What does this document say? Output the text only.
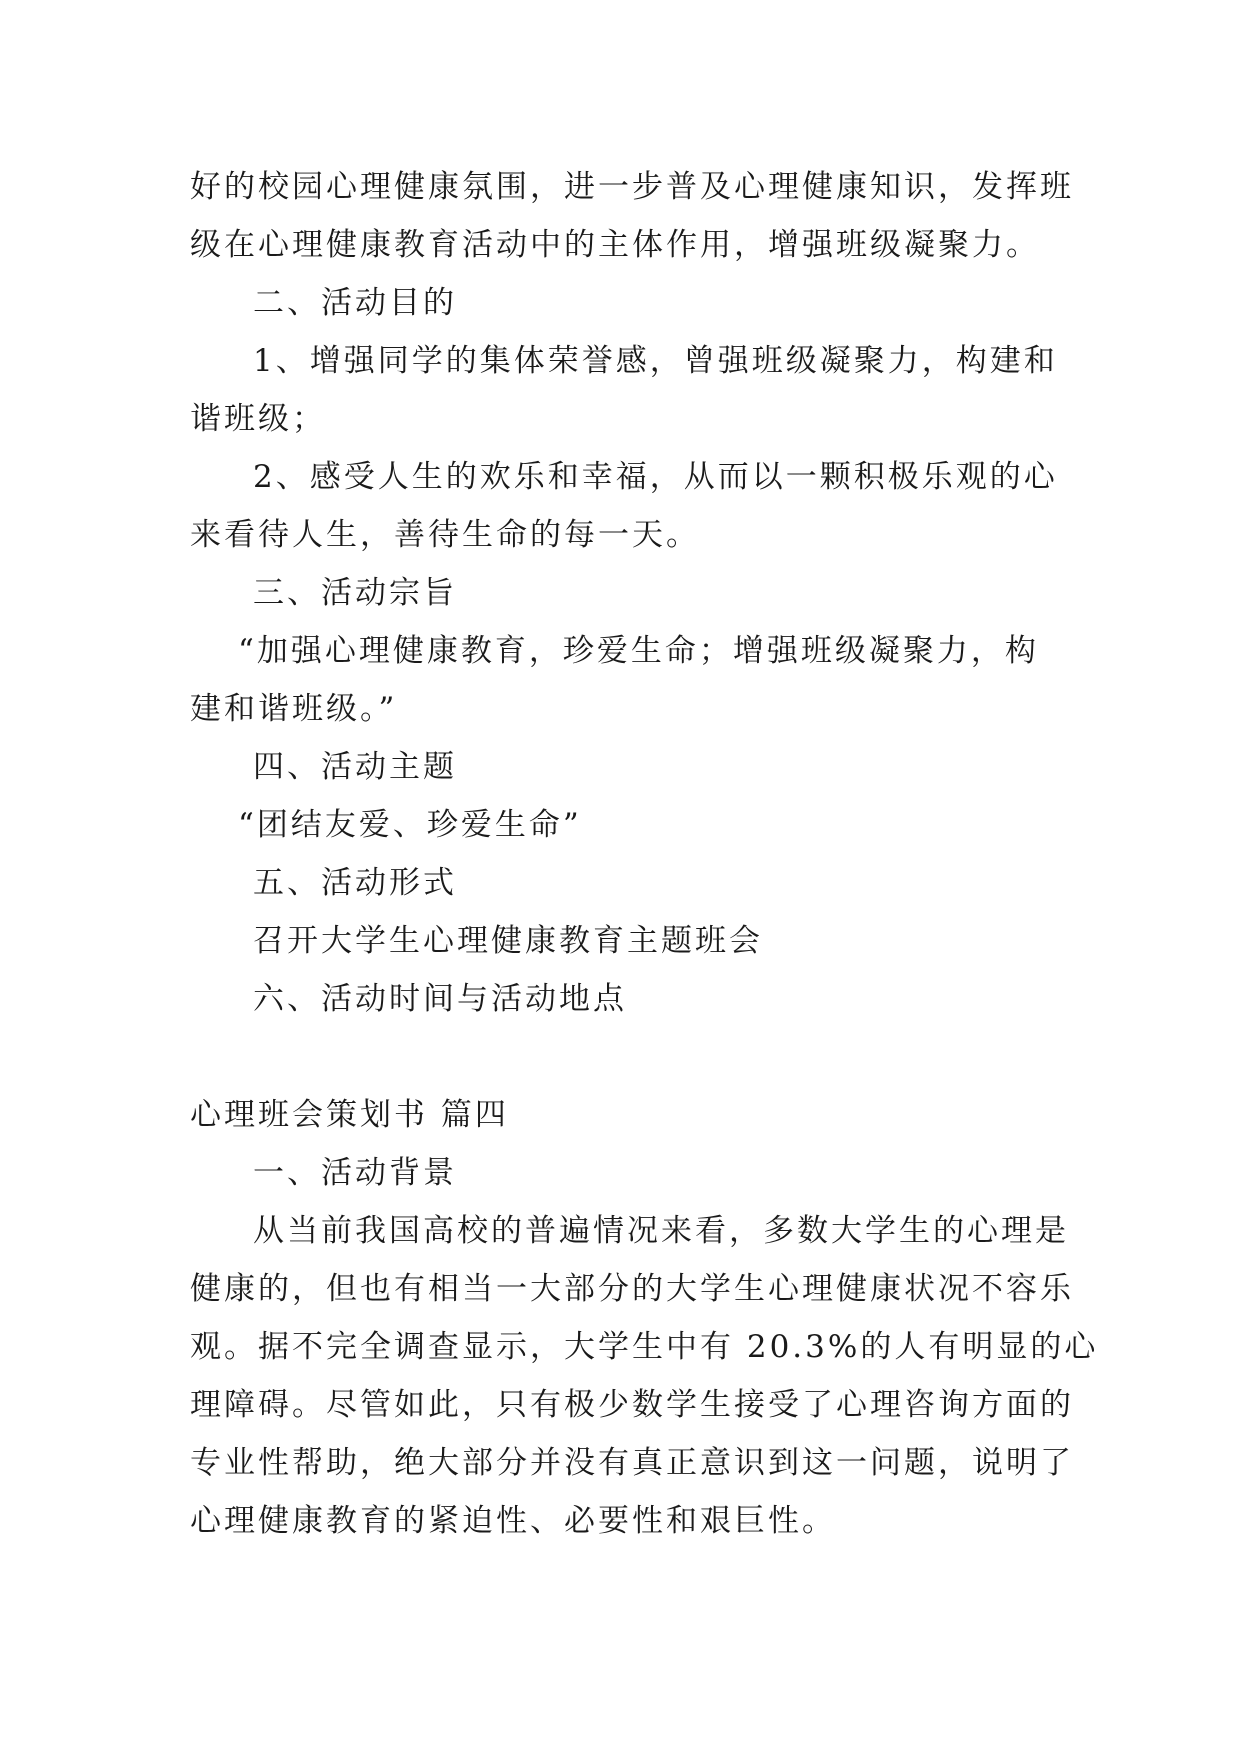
好的校园心理健康氛围，进一步普及心理健康知识，发挥班
级在心理健康教育活动中的主体作用，增强班级凝聚力。
二、活动目的
1、增强同学的集体荣誉感，曾强班级凝聚力，构建和
谐班级；
2、感受人生的欢乐和幸福，从而以一颗积极乐观的心
来看待人生，善待生命的每一天。
三、活动宗旨
“加强心理健康教育，珍爱生命；增强班级凝聚力，构
建和谐班级。”
四、活动主题
“团结友爱、珍爱生命”
五、活动形式
召开大学生心理健康教育主题班会
六、活动时间与活动地点
心理班会策划书 篇四
一、活动背景
从当前我国高校的普遍情况来看，多数大学生的心理是
健康的，但也有相当一大部分的大学生心理健康状况不容乐
观。据不完全调查显示，大学生中有 20.3%的人有明显的心
理障碍。尽管如此，只有极少数学生接受了心理咨询方面的
专业性帮助，绝大部分并没有真正意识到这一问题，说明了
心理健康教育的紧迫性、必要性和艰巨性。
